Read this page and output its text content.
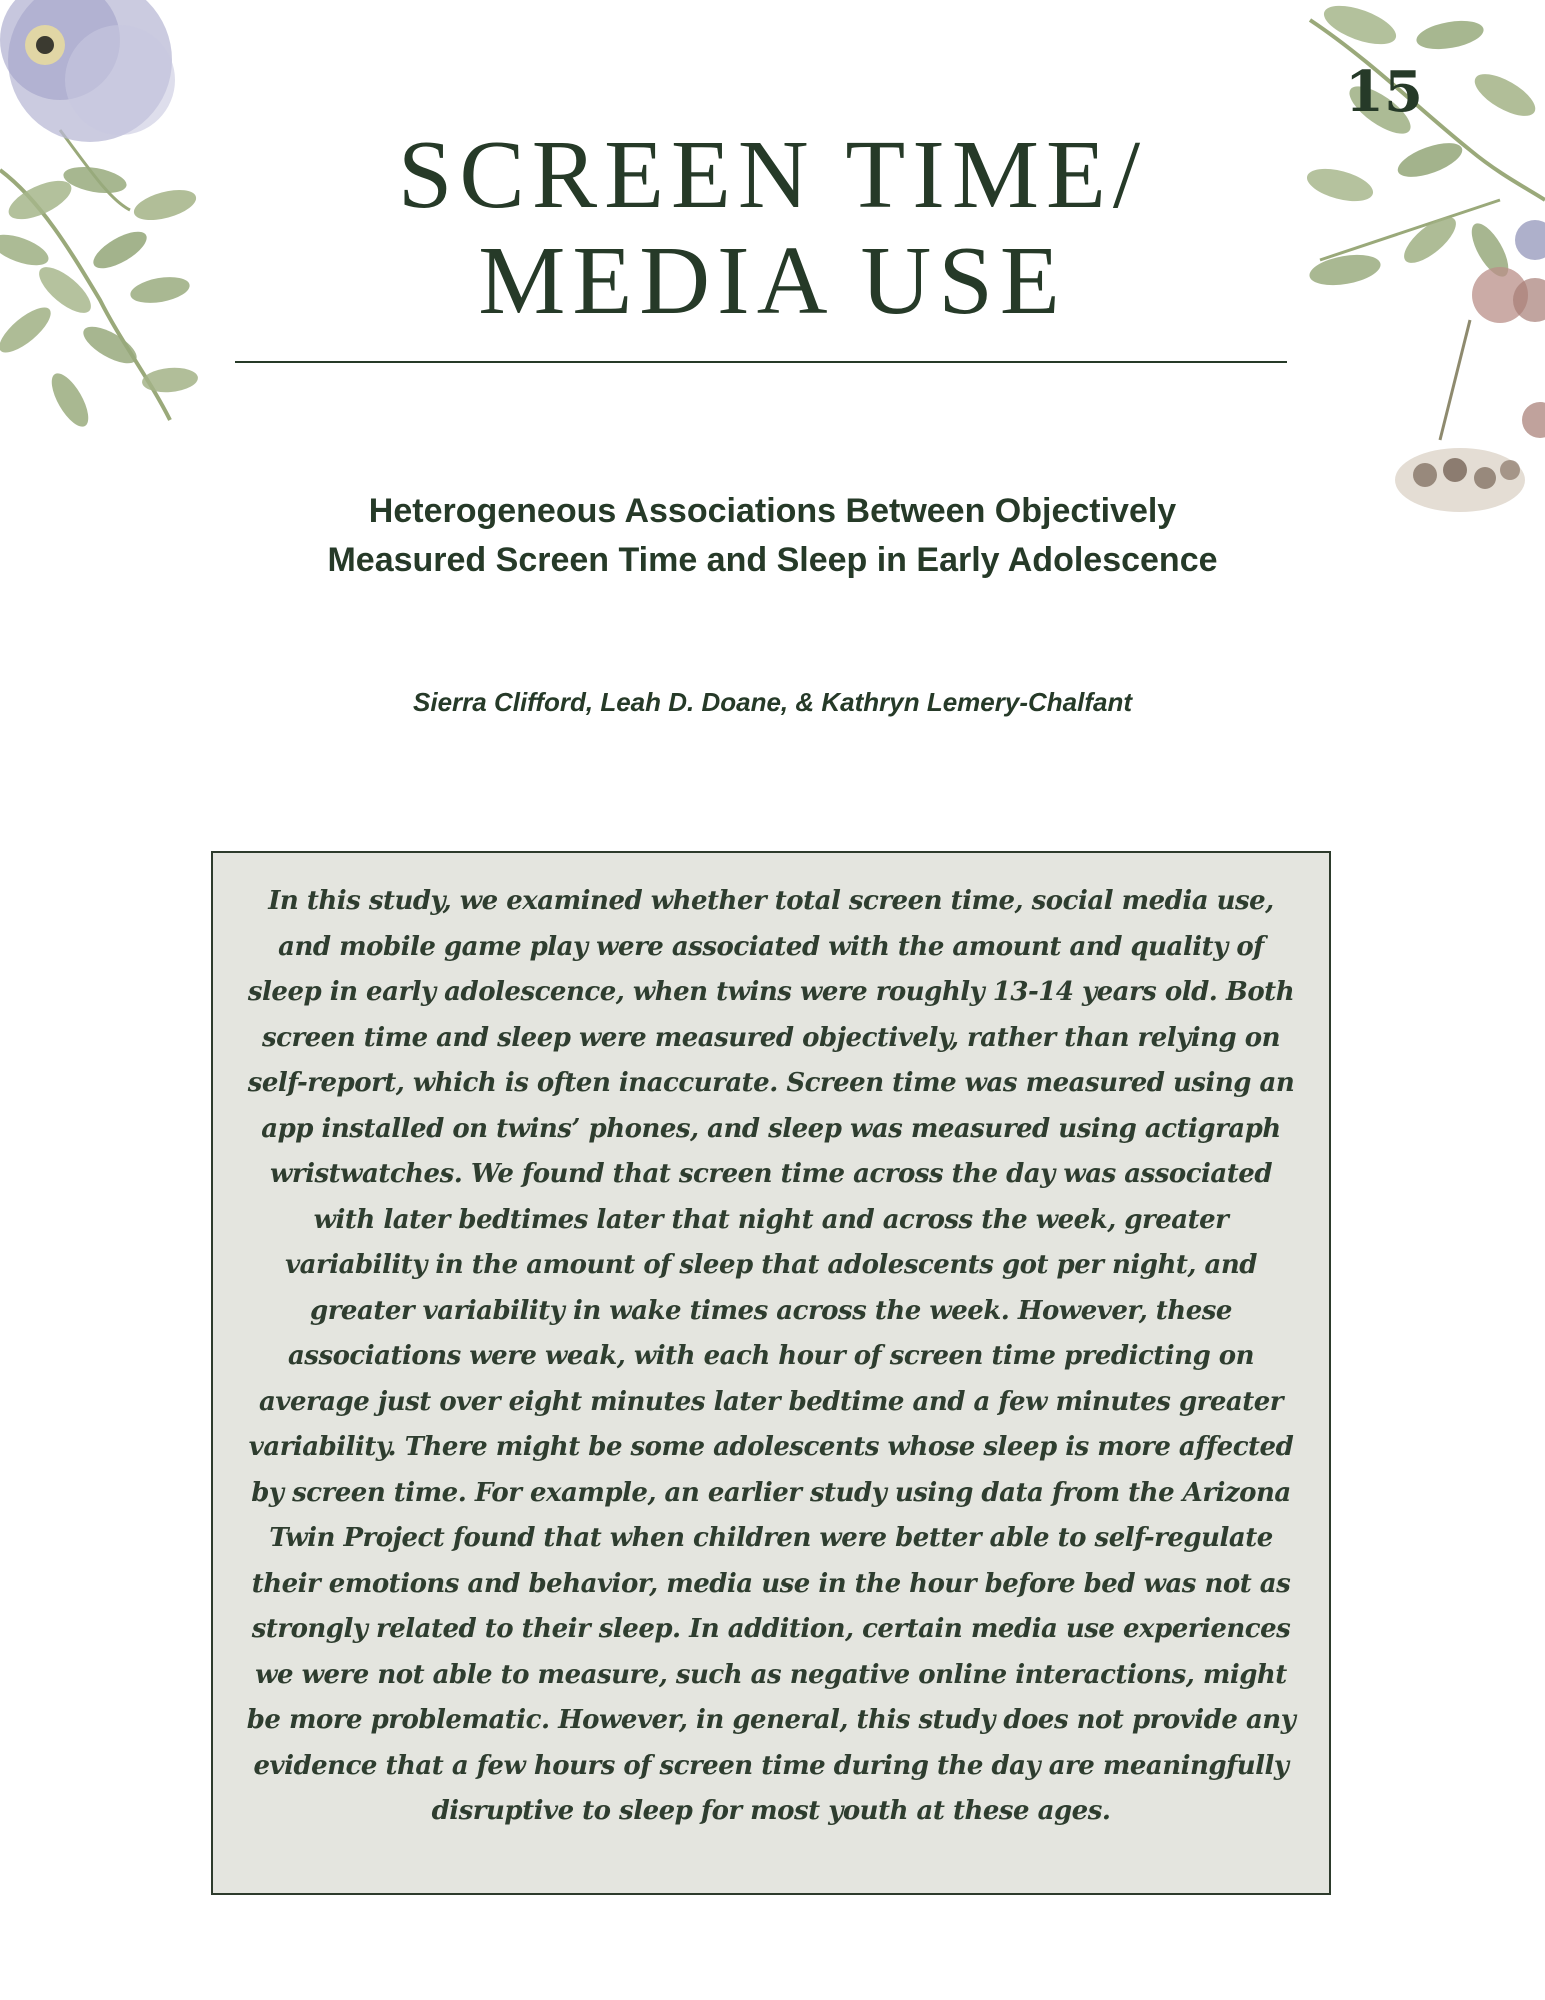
15
SCREEN TIME/
MEDIA USE
Heterogeneous Associations Between Objectively Measured Screen Time and Sleep in Early Adolescence
Sierra Clifford, Leah D. Doane, & Kathryn Lemery-Chalfant
In this study, we examined whether total screen time, social media use, and mobile game play were associated with the amount and quality of sleep in early adolescence, when twins were roughly 13-14 years old. Both screen time and sleep were measured objectively, rather than relying on self-report, which is often inaccurate. Screen time was measured using an app installed on twins’ phones, and sleep was measured using actigraph wristwatches. We found that screen time across the day was associated with later bedtimes later that night and across the week, greater variability in the amount of sleep that adolescents got per night, and greater variability in wake times across the week. However, these associations were weak, with each hour of screen time predicting on average just over eight minutes later bedtime and a few minutes greater variability. There might be some adolescents whose sleep is more affected by screen time. For example, an earlier study using data from the Arizona Twin Project found that when children were better able to self-regulate their emotions and behavior, media use in the hour before bed was not as strongly related to their sleep. In addition, certain media use experiences we were not able to measure, such as negative online interactions, might be more problematic. However, in general, this study does not provide any evidence that a few hours of screen time during the day are meaningfully disruptive to sleep for most youth at these ages.
